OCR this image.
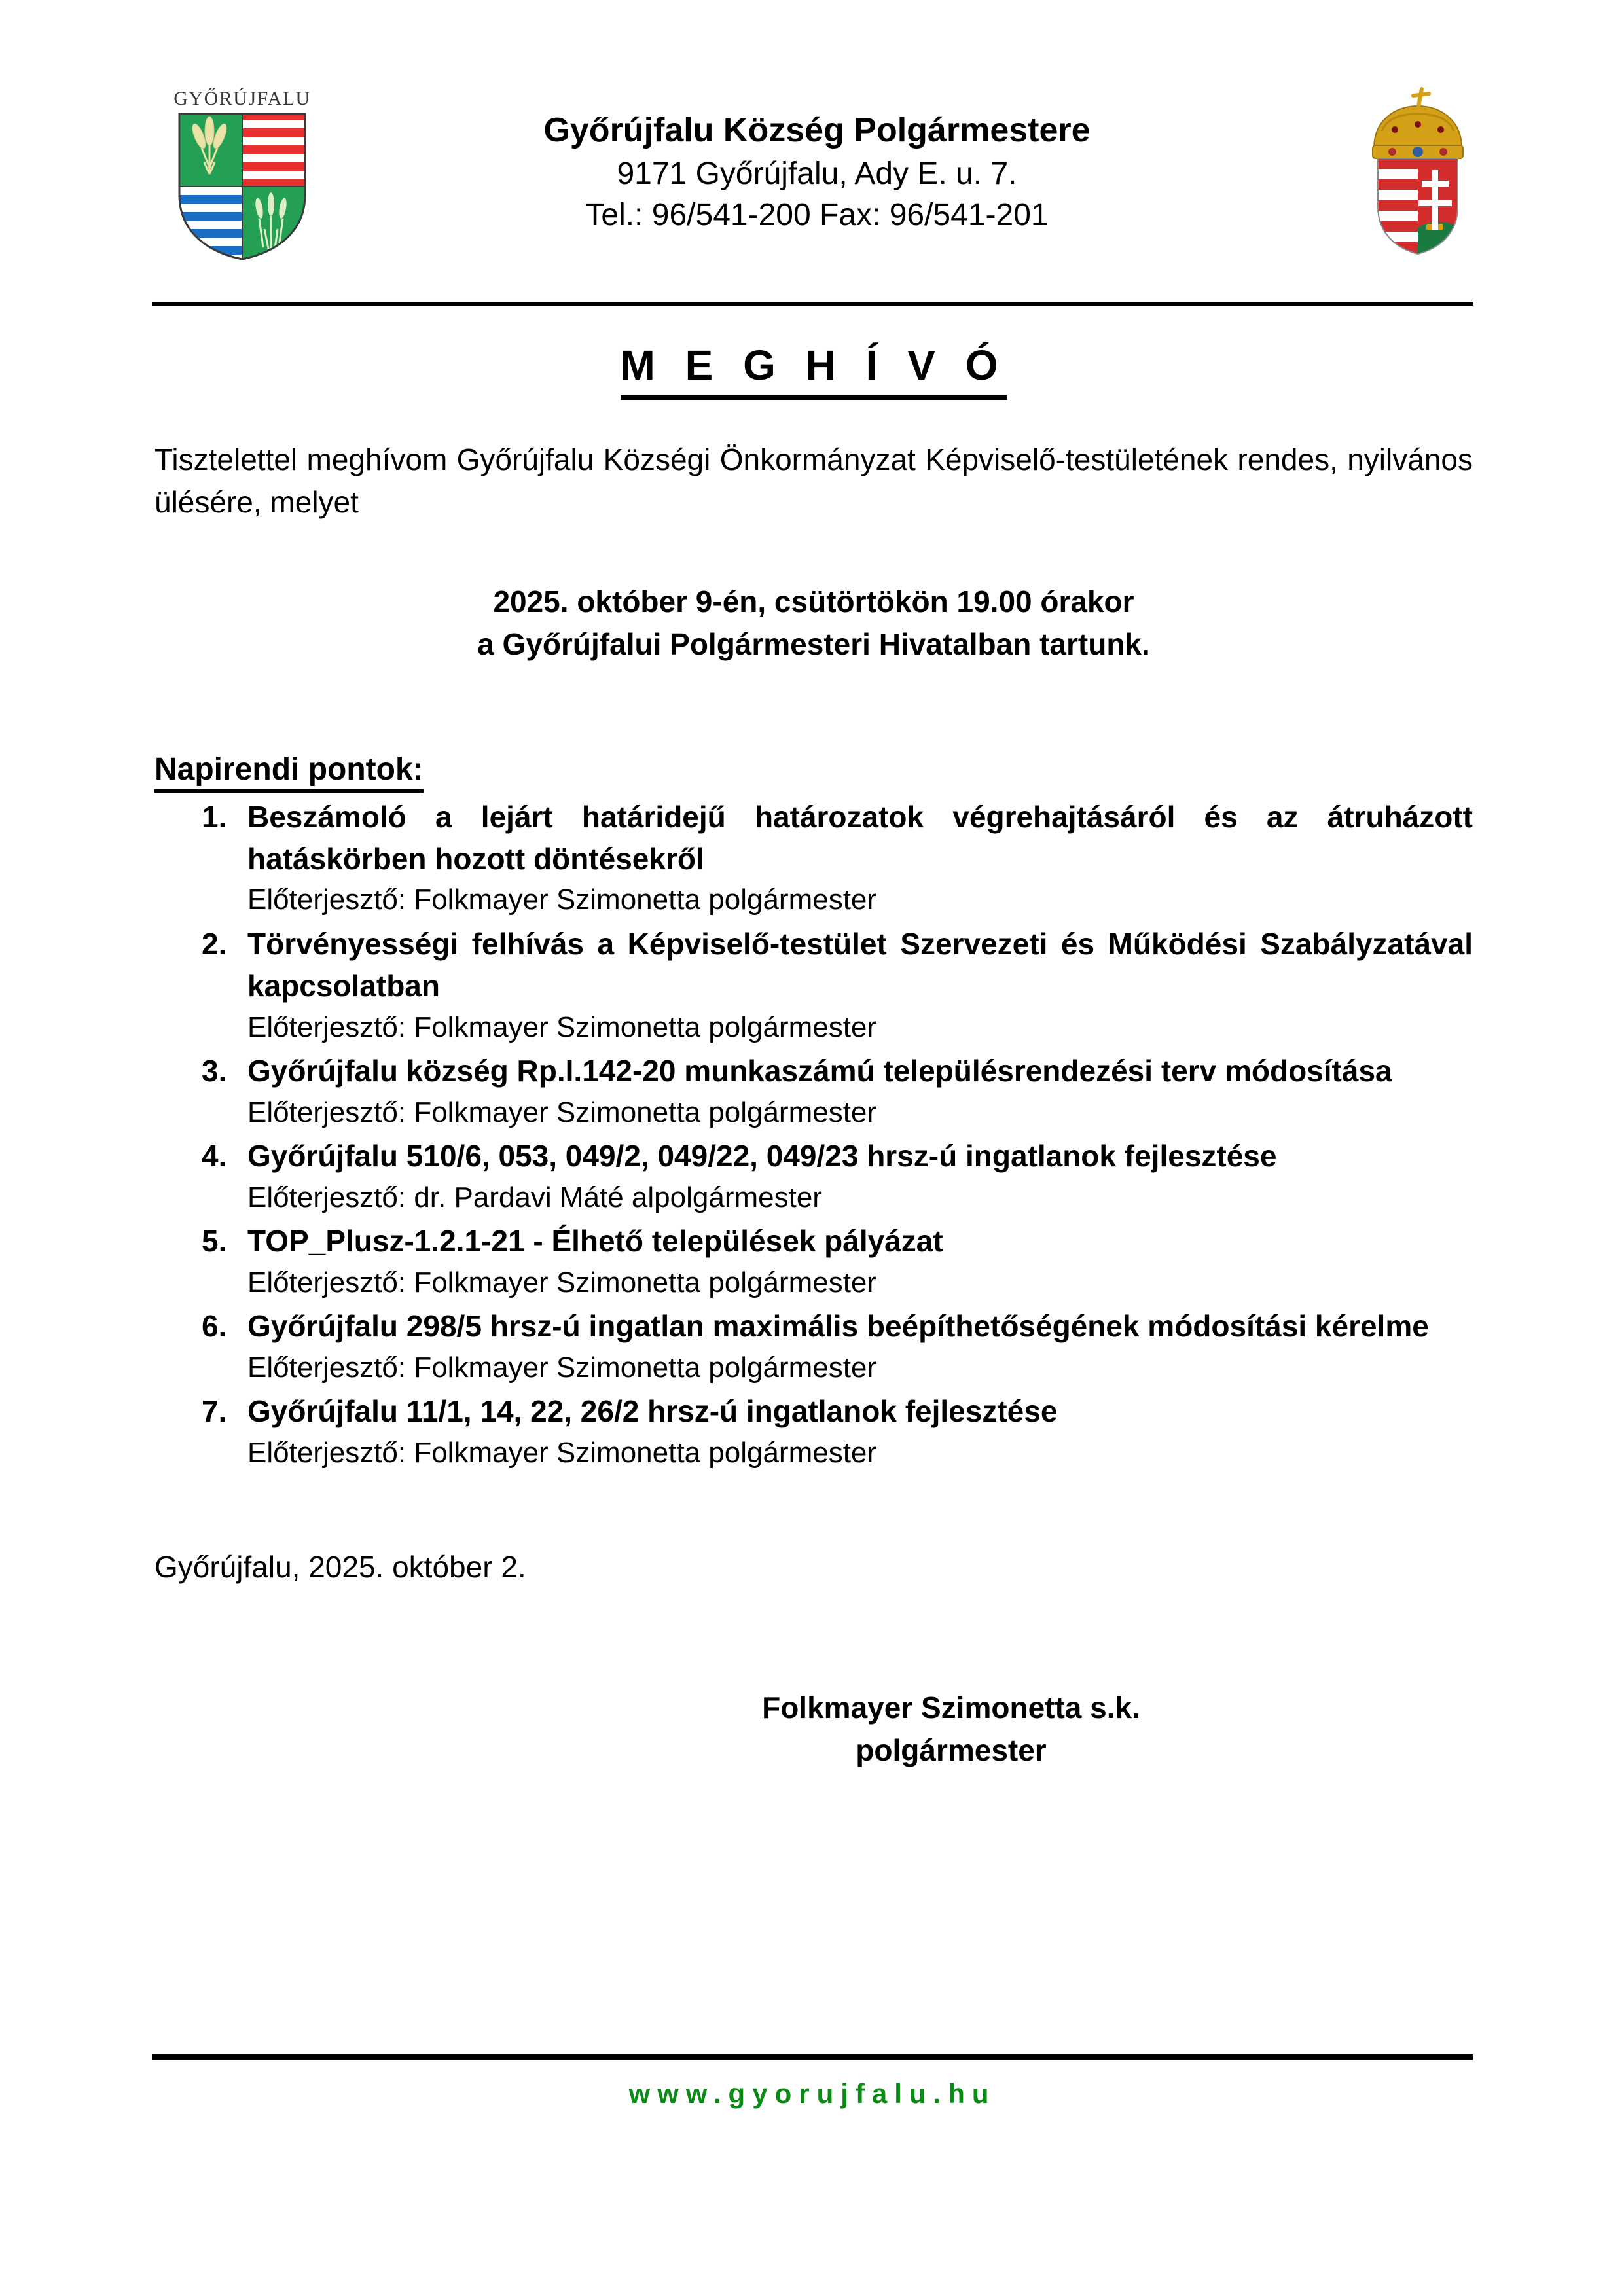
GYŐRÚJFALU
Győrújfalu Község Polgármestere
9171 Győrújfalu, Ady E. u. 7.
Tel.: 96/541-200 Fax: 96/541-201
M E G H Í V Ó
Tisztelettel meghívom Győrújfalu Községi Önkormányzat Képviselő-testületének rendes, nyilvános ülésére, melyet
2025. október 9-én, csütörtökön 19.00 órakor
a Győrújfalui Polgármesteri Hivatalban tartunk.
Napirendi pontok:
1. Beszámoló a lejárt határidejű határozatok végrehajtásáról és az átruházott hatáskörben hozott döntésekről
Előterjesztő: Folkmayer Szimonetta polgármester
2. Törvényességi felhívás a Képviselő-testület Szervezeti és Működési Szabályzatával kapcsolatban
Előterjesztő: Folkmayer Szimonetta polgármester
3. Győrújfalu község Rp.I.142-20 munkaszámú településrendezési terv módosítása
Előterjesztő: Folkmayer Szimonetta polgármester
4. Győrújfalu 510/6, 053, 049/2, 049/22, 049/23 hrsz-ú ingatlanok fejlesztése
Előterjesztő: dr. Pardavi Máté alpolgármester
5. TOP_Plusz-1.2.1-21 - Élhető települések pályázat
Előterjesztő: Folkmayer Szimonetta polgármester
6. Győrújfalu 298/5 hrsz-ú ingatlan maximális beépíthetőségének módosítási kérelme
Előterjesztő: Folkmayer Szimonetta polgármester
7. Győrújfalu 11/1, 14, 22, 26/2 hrsz-ú ingatlanok fejlesztése
Előterjesztő: Folkmayer Szimonetta polgármester
Győrújfalu, 2025. október 2.
Folkmayer Szimonetta s.k.
polgármester
www.gyorujfalu.hu
